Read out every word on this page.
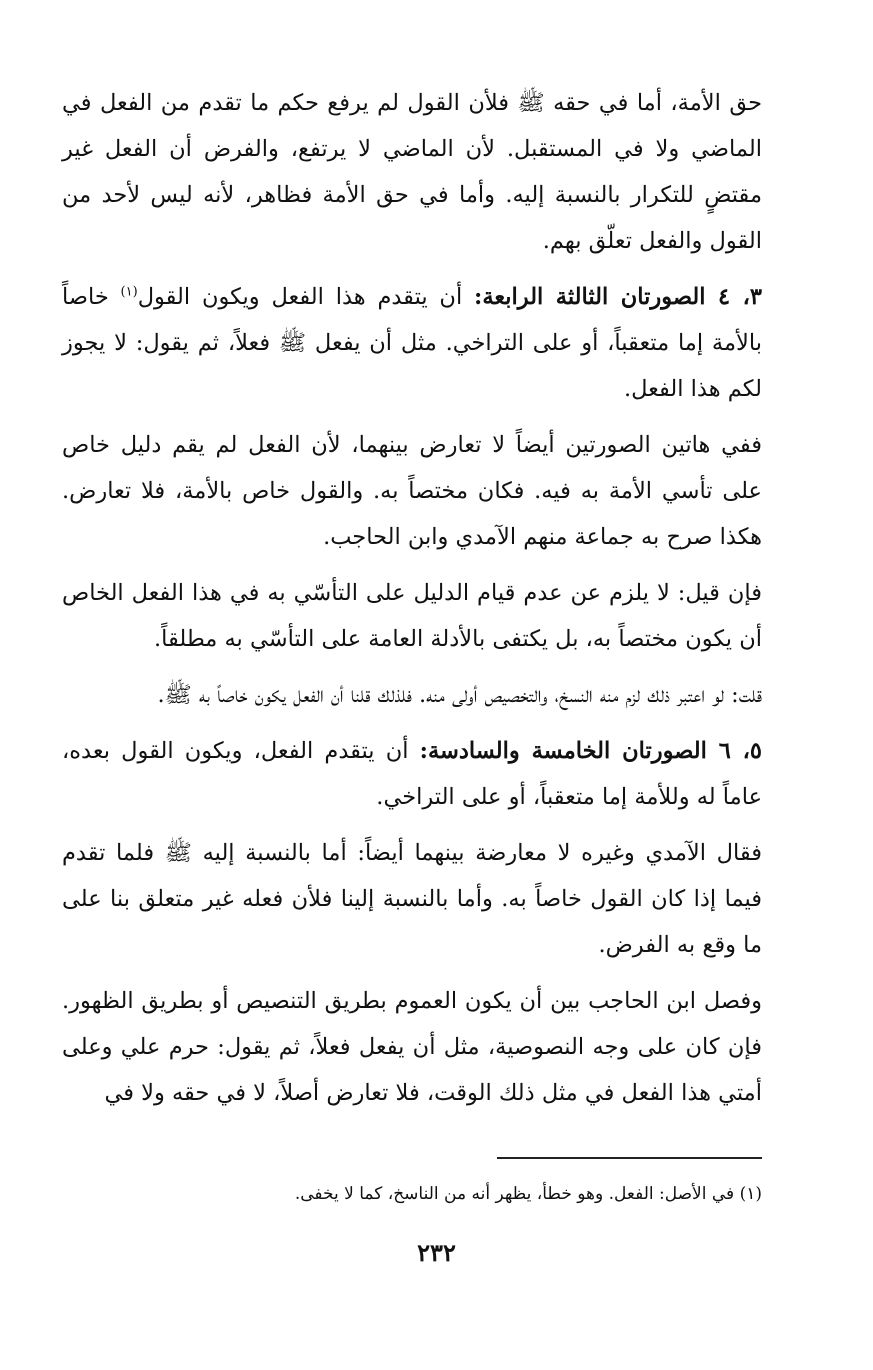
حق الأمة، أما في حقه ﷺ فلأن القول لم يرفع حكم ما تقدم من الفعل في الماضي ولا في المستقبل. لأن الماضي لا يرتفع، والفرض أن الفعل غير مقتضٍ للتكرار بالنسبة إليه. وأما في حق الأمة فظاهر، لأنه ليس لأحد من القول والفعل تعلّق بهم.

٣، ٤ الصورتان الثالثة الرابعة: أن يتقدم هذا الفعل ويكون القول$^{(١)}$ خاصاً بالأمة إما متعقباً، أو على التراخي. مثل أن يفعل ﷺ فعلاً، ثم يقول: لا يجوز لكم هذا الفعل.

ففي هاتين الصورتين أيضاً لا تعارض بينهما، لأن الفعل لم يقم دليل خاص على تأسي الأمة به فيه. فكان مختصاً به. والقول خاص بالأمة، فلا تعارض. هكذا صرح به جماعة منهم الآمدي وابن الحاجب.

فإن قيل: لا يلزم عن عدم قيام الدليل على التأسّي به في هذا الفعل الخاص أن يكون مختصاً به، بل يكتفى بالأدلة العامة على التأسّي به مطلقاً.

قلت: لو اعتبر ذلك لزم منه النسخ، والتخصيص أولى منه. فلذلك قلنا أن الفعل يكون خاصاً به ﷺ.

٥، ٦ الصورتان الخامسة والسادسة: أن يتقدم الفعل، ويكون القول بعده، عاماً له وللأمة إما متعقباً، أو على التراخي.

فقال الآمدي وغيره لا معارضة بينهما أيضاً: أما بالنسبة إليه ﷺ فلما تقدم فيما إذا كان القول خاصاً به. وأما بالنسبة إلينا فلأن فعله غير متعلق بنا على ما وقع به الفرض.

وفصل ابن الحاجب بين أن يكون العموم بطريق التنصيص أو بطريق الظهور. فإن كان على وجه النصوصية، مثل أن يفعل فعلاً، ثم يقول: حرم علي وعلى أمتي هذا الفعل في مثل ذلك الوقت، فلا تعارض أصلاً، لا في حقه ولا في

(١) في الأصل: الفعل. وهو خطأ، يظهر أنه من الناسخ، كما لا يخفى.
٢٣٢
